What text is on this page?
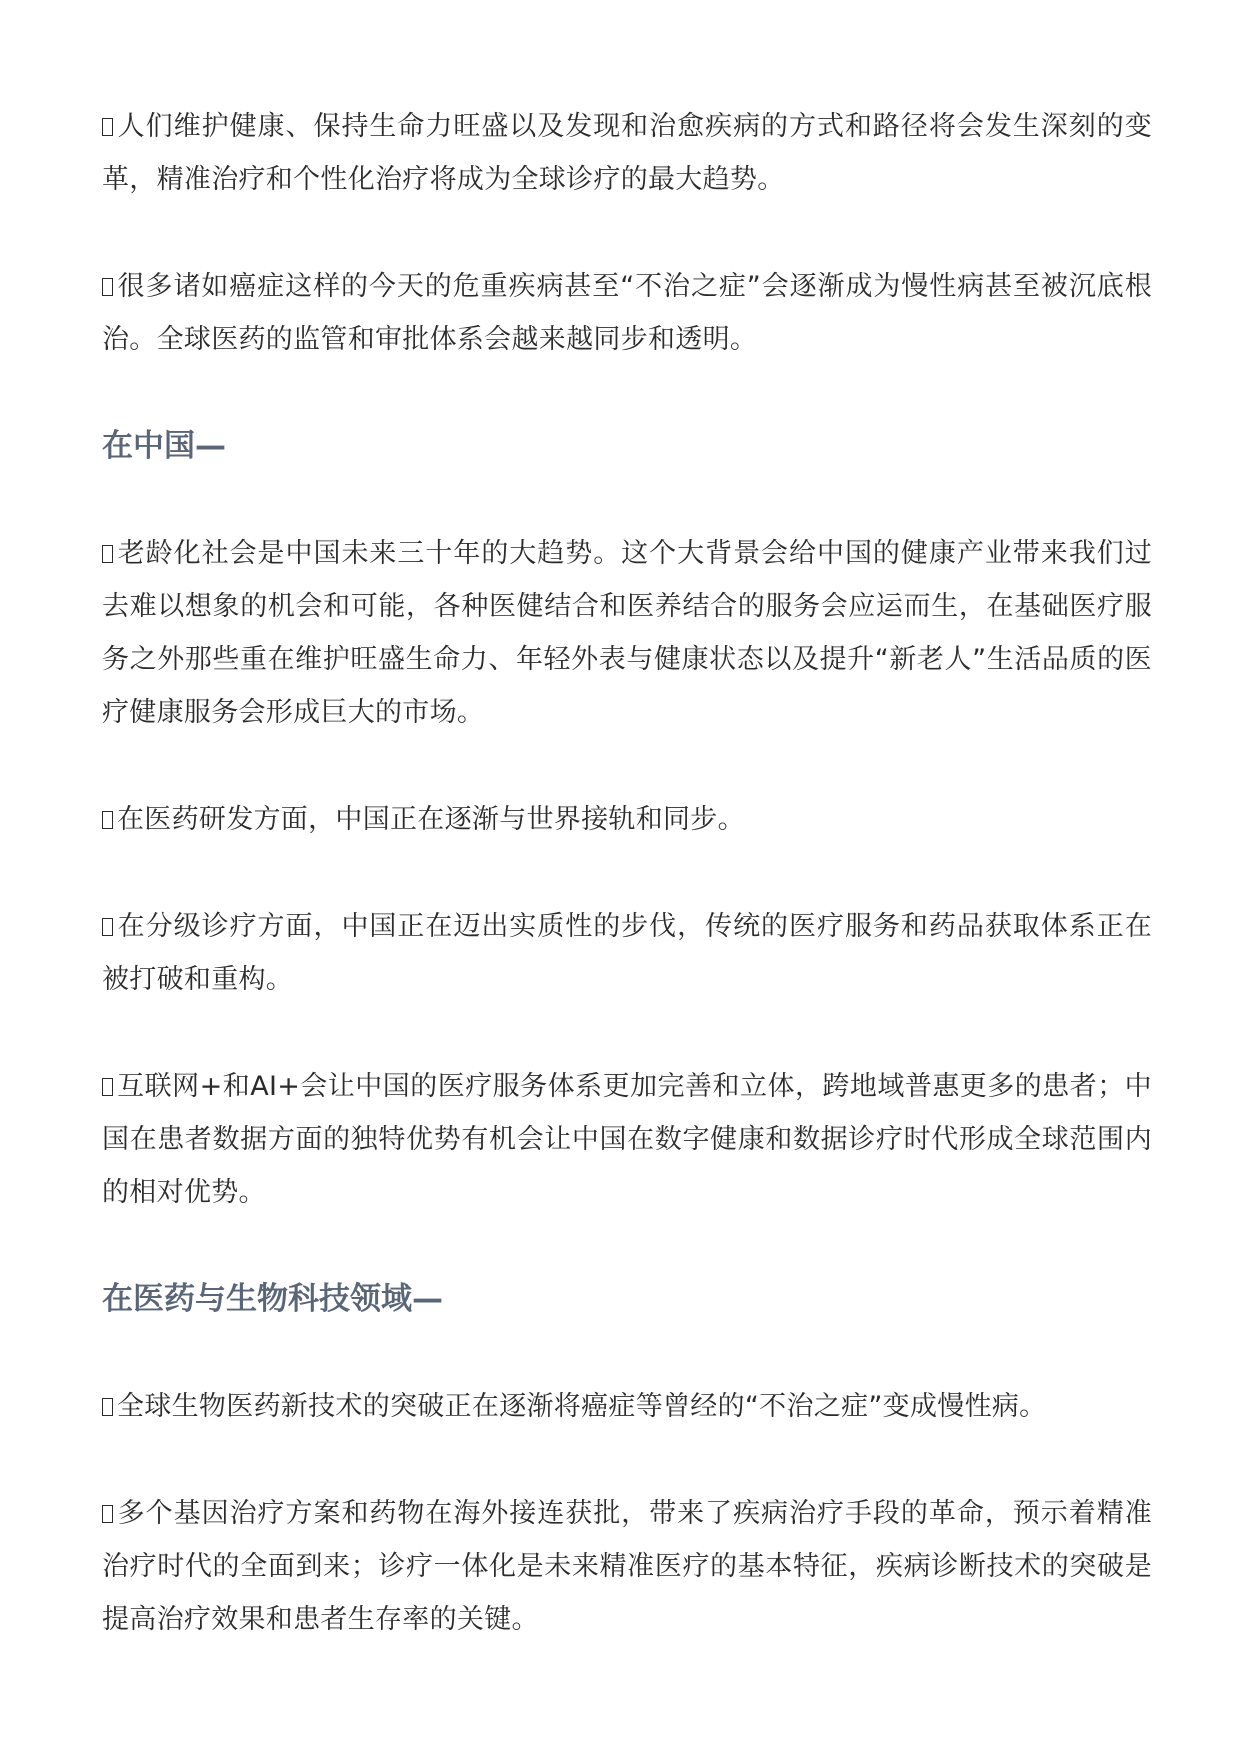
人们维护健康、保持生命力旺盛以及发现和治愈疾病的方式和路径将会发生深刻的变革，精准治疗和个性化治疗将成为全球诊疗的最大趋势。

很多诸如癌症这样的今天的危重疾病甚至“不治之症”会逐渐成为慢性病甚至被沉底根治。全球医药的监管和审批体系会越来越同步和透明。

在中国—

老龄化社会是中国未来三十年的大趋势。这个大背景会给中国的健康产业带来我们过去难以想象的机会和可能，各种医健结合和医养结合的服务会应运而生，在基础医疗服务之外那些重在维护旺盛生命力、年轻外表与健康状态以及提升“新老人”生活品质的医疗健康服务会形成巨大的市场。

在医药研发方面，中国正在逐渐与世界接轨和同步。

在分级诊疗方面，中国正在迈出实质性的步伐，传统的医疗服务和药品获取体系正在被打破和重构。

互联网+和AI+会让中国的医疗服务体系更加完善和立体，跨地域普惠更多的患者；中国在患者数据方面的独特优势有机会让中国在数字健康和数据诊疗时代形成全球范围内的相对优势。

在医药与生物科技领域—

全球生物医药新技术的突破正在逐渐将癌症等曾经的“不治之症”变成慢性病。

多个基因治疗方案和药物在海外接连获批，带来了疾病治疗手段的革命，预示着精准治疗时代的全面到来；诊疗一体化是未来精准医疗的基本特征，疾病诊断技术的突破是提高治疗效果和患者生存率的关键。
